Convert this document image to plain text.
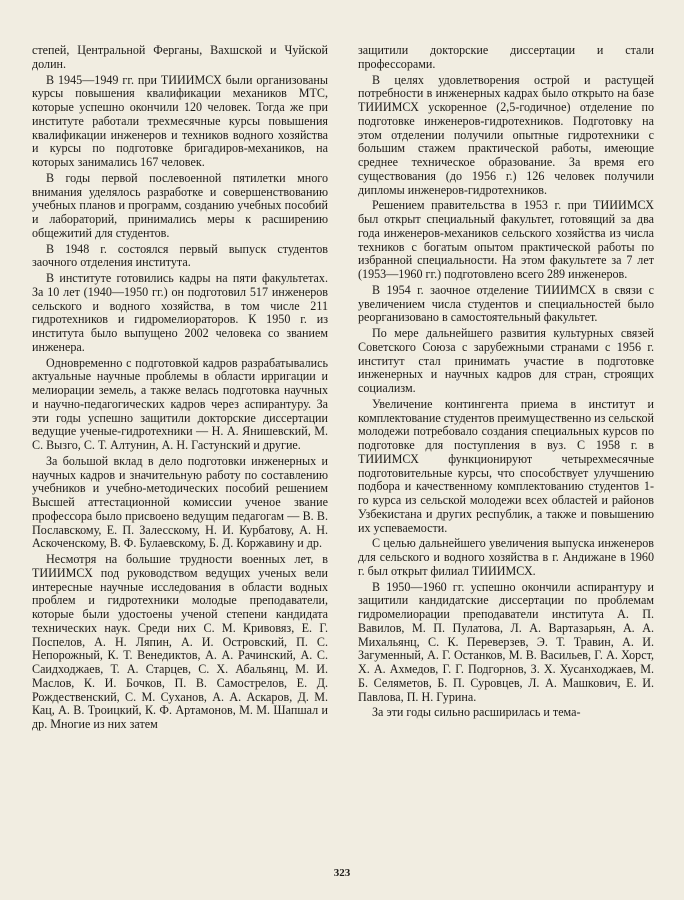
степей, Центральной Ферганы, Вахшской и Чуйской долин.

В 1945—1949 гг. при ТИИИМСХ были организованы курсы повышения квалификации механиков МТС, которые успешно окончили 120 человек. Тогда же при институте работали трехмесячные курсы повышения квалификации инженеров и техников водного хозяйства и курсы по подготовке бригадиров-механиков, на которых занимались 167 человек.

В годы первой послевоенной пятилетки много внимания уделялось разработке и совершенствованию учебных планов и программ, созданию учебных пособий и лабораторий, принимались меры к расширению общежитий для студентов.

В 1948 г. состоялся первый выпуск студентов заочного отделения института.

В институте готовились кадры на пяти факультетах. За 10 лет (1940—1950 гг.) он подготовил 517 инженеров сельского и водного хозяйства, в том числе 211 гидротехников и гидромелиораторов. К 1950 г. из института было выпущено 2002 человека со званием инженера.

Одновременно с подготовкой кадров разрабатывались актуальные научные проблемы в области ирригации и мелиорации земель, а также велась подготовка научных и научно-педагогических кадров через аспирантуру. За эти годы успешно защитили докторские диссертации ведущие ученые-гидротехники — Н. А. Янишевский, М. С. Вызго, С. Т. Алтунин, А. Н. Гастунский и другие.

За большой вклад в дело подготовки инженерных и научных кадров и значительную работу по составлению учебников и учебно-методических пособий решением Высшей аттестационной комиссии ученое звание профессора было присвоено ведущим педагогам — В. В. Пославскому, Е. П. Залесскому, Н. И. Курбатову, А. Н. Аскоченскому, В. Ф. Булаевскому, Б. Д. Коржавину и др.

Несмотря на большие трудности военных лет, в ТИИИМСХ под руководством ведущих ученых вели интересные научные исследования в области водных проблем и гидротехники молодые преподаватели, которые были удостоены ученой степени кандидата технических наук. Среди них С. М. Кривовяз, Е. Г. Поспелов, А. Н. Ляпин, А. И. Островский, П. С. Непорожный, К. Т. Венедиктов, А. А. Рачинский, А. С. Саидходжаев, Т. А. Старцев, С. Х. Абальянц, М. И. Маслов, К. И. Бочков, П. В. Самострелов, Е. Д. Рождественский, С. М. Суханов, А. А. Аскаров, Д. М. Кац, А. В. Троицкий, К. Ф. Артамонов, М. М. Шапшал и др. Многие из них затем

защитили докторские диссертации и стали профессорами.

В целях удовлетворения острой и растущей потребности в инженерных кадрах было открыто на базе ТИИИМСХ ускоренное (2,5-годичное) отделение по подготовке инженеров-гидротехников. Подготовку на этом отделении получили опытные гидротехники с большим стажем практической работы, имеющие среднее техническое образование. За время его существования (до 1956 г.) 126 человек получили дипломы инженеров-гидротехников.

Решением правительства в 1953 г. при ТИИИМСХ был открыт специальный факультет, готовящий за два года инженеров-механиков сельского хозяйства из числа техников с богатым опытом практической работы по избранной специальности. На этом факультете за 7 лет (1953—1960 гг.) подготовлено всего 289 инженеров.

В 1954 г. заочное отделение ТИИИМСХ в связи с увеличением числа студентов и специальностей было реорганизовано в самостоятельный факультет.

По мере дальнейшего развития культурных связей Советского Союза с зарубежными странами с 1956 г. институт стал принимать участие в подготовке инженерных и научных кадров для стран, строящих социализм.

Увеличение контингента приема в институт и комплектование студентов преимущественно из сельской молодежи потребовало создания специальных курсов по подготовке для поступления в вуз. С 1958 г. в ТИИИМСХ функционируют четырехмесячные подготовительные курсы, что способствует улучшению подбора и качественному комплектованию студентов 1-го курса из сельской молодежи всех областей и районов Узбекистана и других республик, а также и повышению их успеваемости.

С целью дальнейшего увеличения выпуска инженеров для сельского и водного хозяйства в г. Андижане в 1960 г. был открыт филиал ТИИИМСХ.

В 1950—1960 гг. успешно окончили аспирантуру и защитили кандидатские диссертации по проблемам гидромелиорации преподаватели института А. П. Вавилов, М. П. Пулатова, Л. А. Вартазарьян, А. А. Михальянц, С. К. Переверзев, Э. Т. Травин, А. И. Загуменный, А. Г. Останков, М. В. Васильев, Г. А. Хорст, Х. А. Ахмедов, Г. Г. Подгорнов, З. Х. Хусанходжаев, М. Б. Селяметов, Б. П. Суровцев, Л. А. Машкович, Е. И. Павлова, П. Н. Гурина.

За эти годы сильно расширилась и тема-

323
